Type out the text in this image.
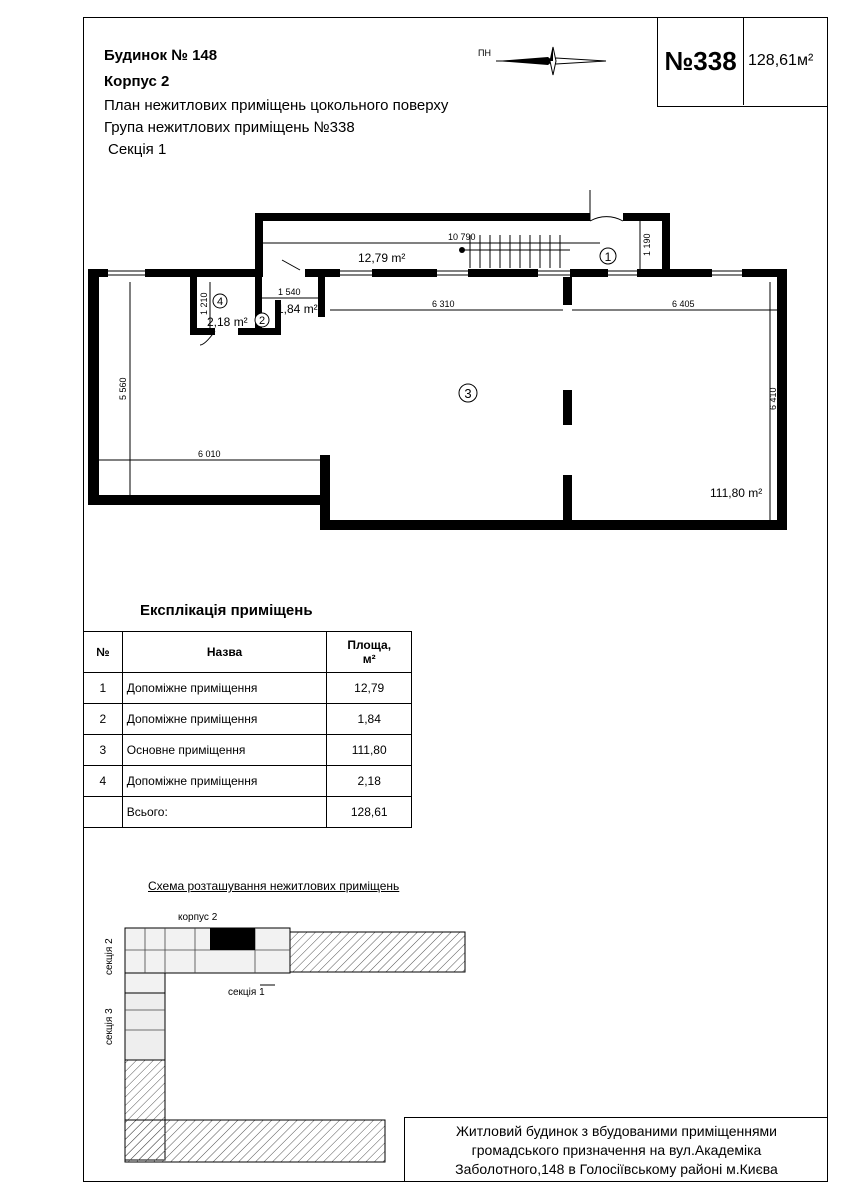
Будинок № 148
Корпус 2
План нежитлових приміщень цокольного поверху
Група нежитлових приміщень №338
Секція 1
ПН	№338 128,61м²
1
2
3
4
12,79 m²
1,84 m²
111,80 m²
2,18 m²
10 790	1 190
1 540
1 210	6 310	6 405
5 560	6 410
6 010
Експлікація приміщень
№	Назва	Площа,
м²
1	Допоміжне приміщення	12,79
2	Допоміжне приміщення	1,84
3	Основне приміщення	111,80
4	Допоміжне приміщення	2,18
	Всього:	128,61
Схема розташування нежитлових приміщень
корпус 2
секція 1
секція 2
секція 3
Житловий будинок з вбудованими приміщеннями
громадського призначення на вул.Академіка
Заболотного,148 в Голосіївському районі м.Києва
